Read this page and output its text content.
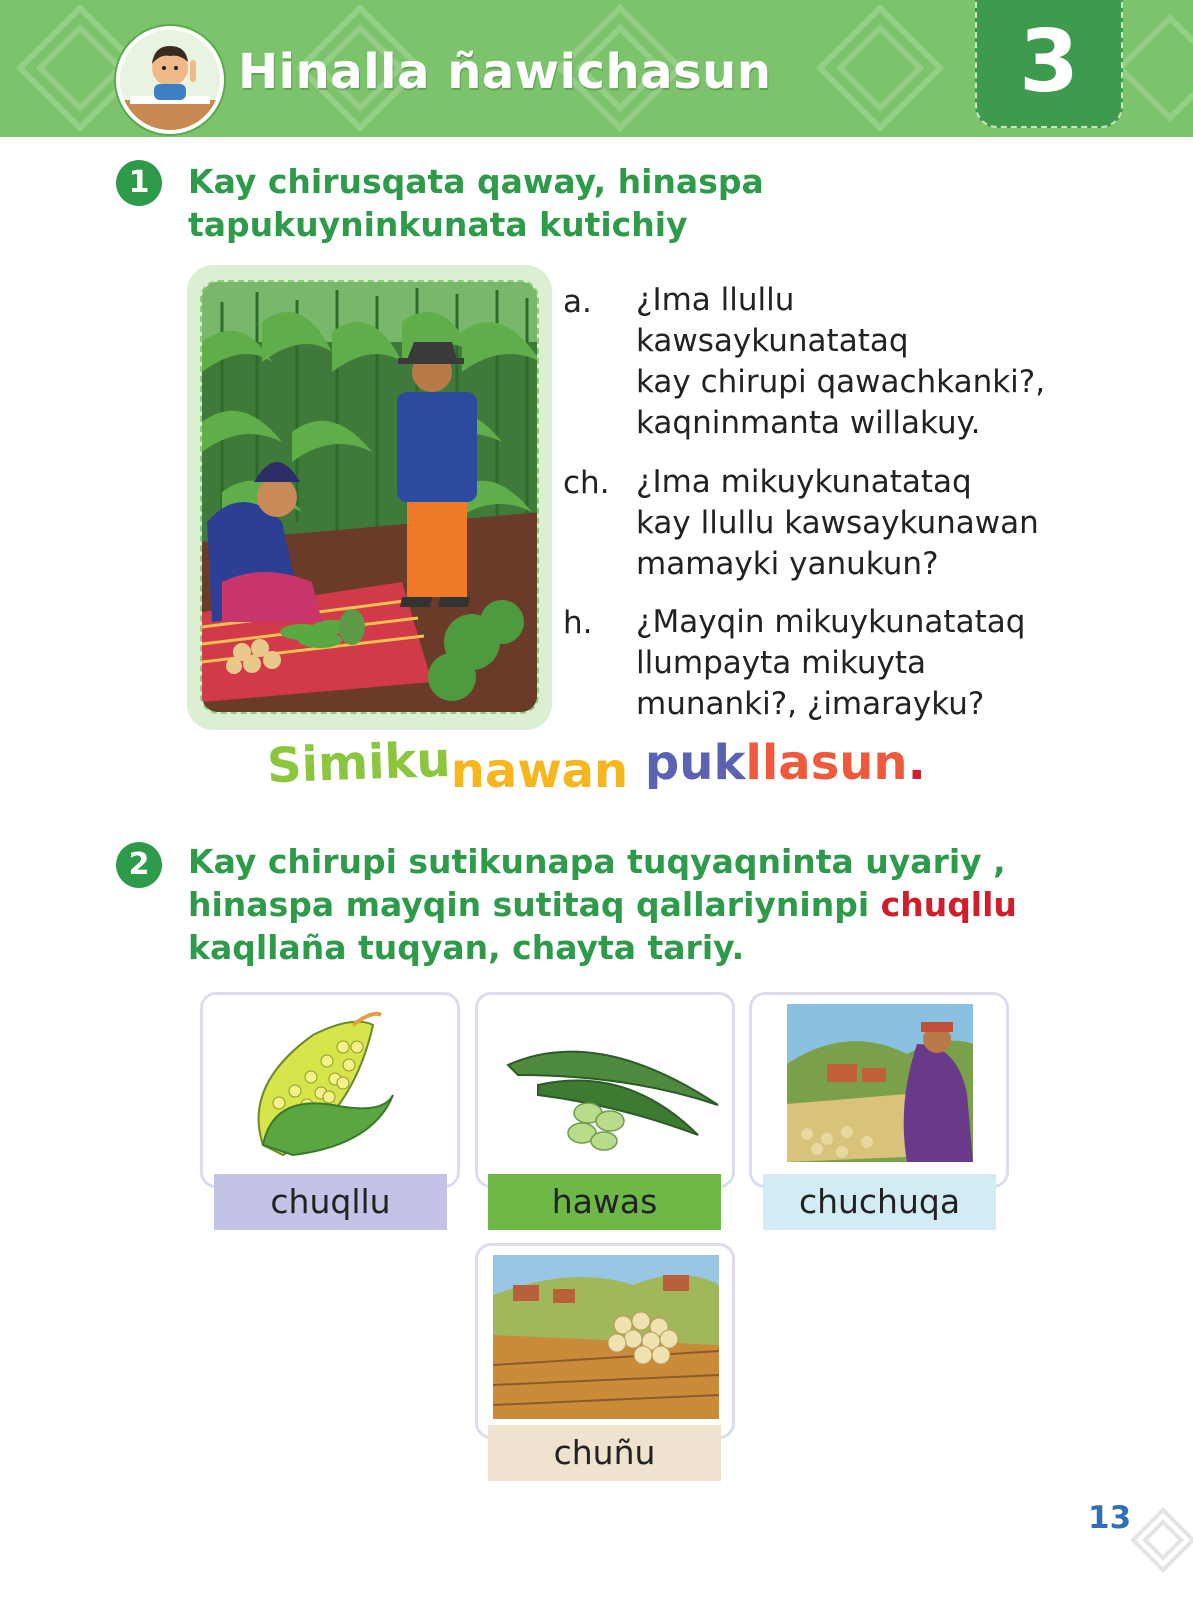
Hinalla ñawichasun	3
1	Kay chirusqata qaway, hinaspa
tapukuyninkunata kutichiy
a. ¿Ima llullu
kawsaykunatataq
kay chirupi qawachkanki?,
kaqninmanta willakuy.
ch. ¿Ima mikuykunatataq
kay llullu kawsaykunawan
mamayki yanukun?
h. ¿Mayqin mikuykunatataq
llumpayta mikuyta
munanki?, ¿imarayku?
Simikunawan pukllasun.
2	Kay chirupi sutikunapa tuqyaqninta uyariy ,
hinaspa mayqin sutitaq qallariyninpi chuqllu
kaqllaña tuqyan, chayta tariy.
chuqllu	hawas	chuchuqa
chuñu
13
